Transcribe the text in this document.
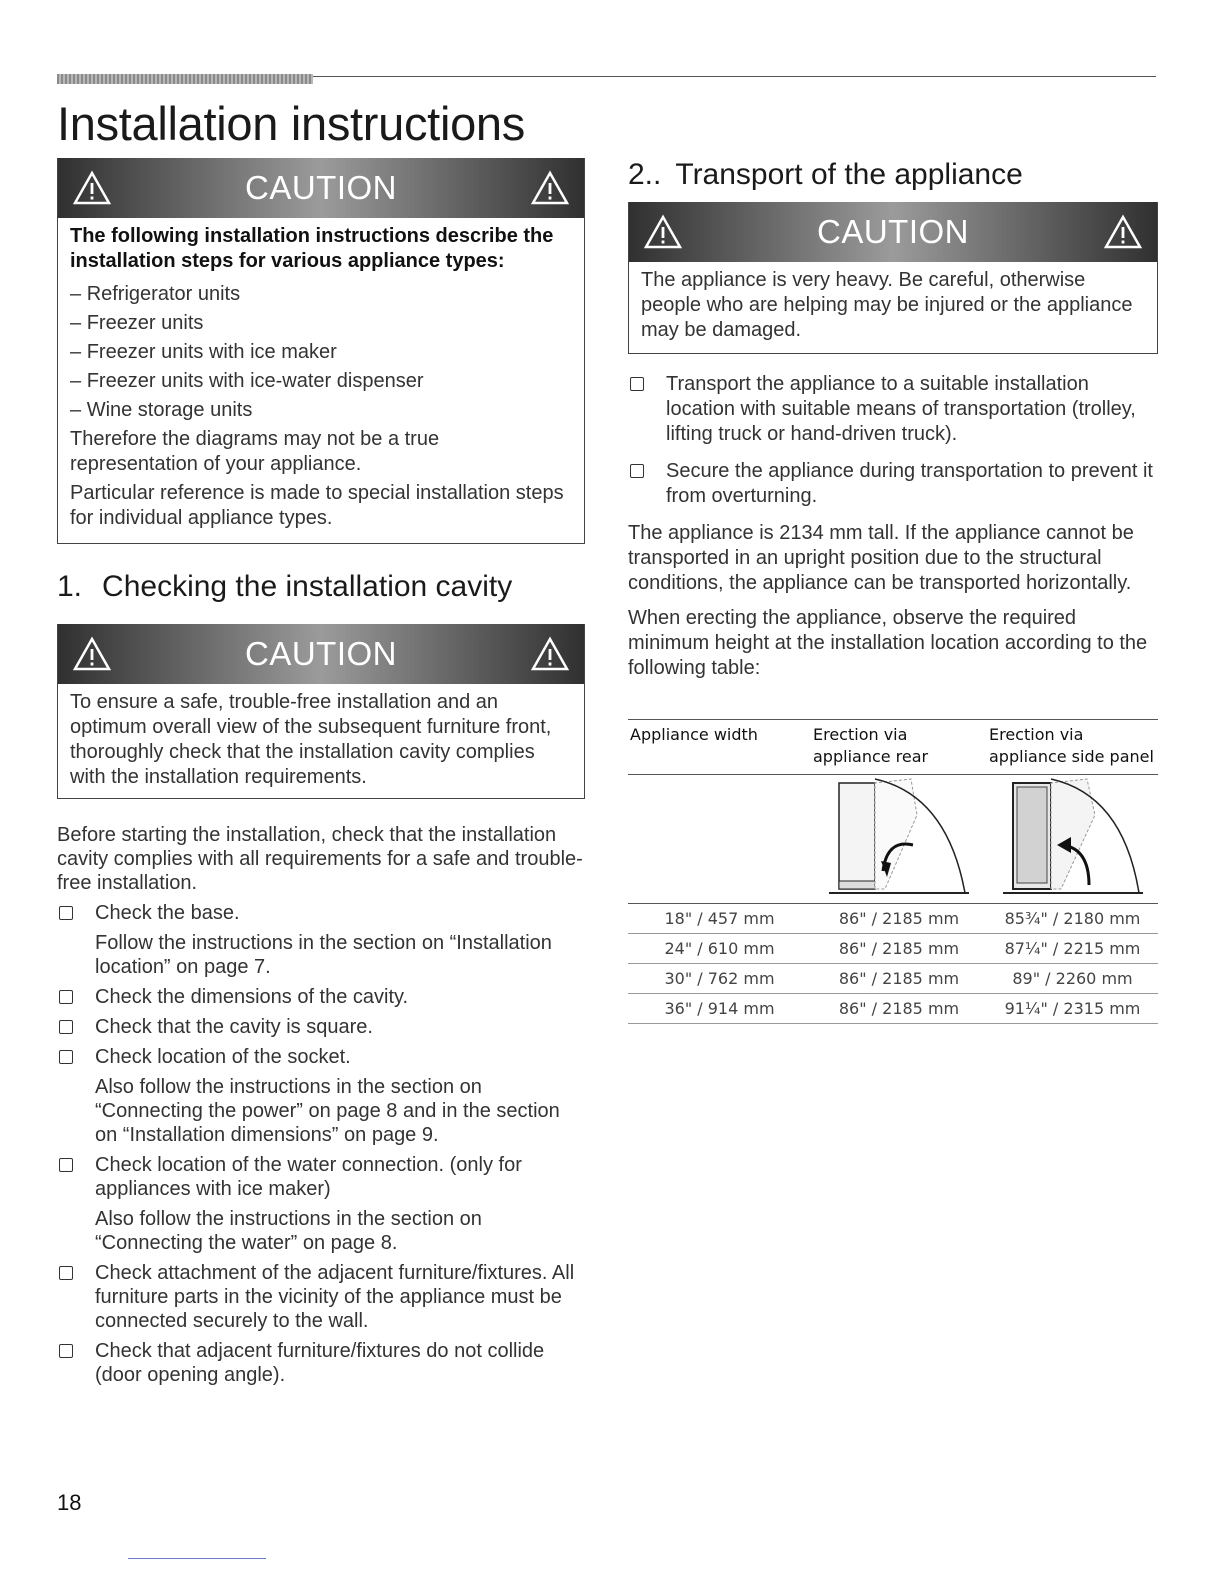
Installation instructions
CAUTION

The following installation instructions describe the installation steps for various appliance types:

– Refrigerator units
– Freezer units
– Freezer units with ice maker
– Freezer units with ice-water dispenser
– Wine storage units

Therefore the diagrams may not be a true representation of your appliance.

Particular reference is made to special installation steps for individual appliance types.

1. Checking the installation cavity
CAUTION

To ensure a safe, trouble-free installation and an optimum overall view of the subsequent furniture front, thoroughly check that the installation cavity complies with the installation requirements.

Before starting the installation, check that the installation cavity complies with all requirements for a safe and trouble-free installation.

Check the base.
Follow the instructions in the section on “Installation location” on page 7.
Check the dimensions of the cavity.
Check that the cavity is square.
Check location of the socket.
Also follow the instructions in the section on “Connecting the power” on page 8 and in the section on “Installation dimensions” on page 9.
Check location of the water connection. (only for appliances with ice maker)
Also follow the instructions in the section on “Connecting the water” on page 8.
Check attachment of the adjacent furniture/fixtures. All furniture parts in the vicinity of the appliance must be connected securely to the wall.
Check that adjacent furniture/fixtures do not collide (door opening angle).
2.. Transport of the appliance
CAUTION

The appliance is very heavy. Be careful, otherwise people who are helping may be injured or the appliance may be damaged.

Transport the appliance to a suitable installation location with suitable means of transportation (trolley, lifting truck or hand-driven truck).
Secure the appliance during transportation to prevent it from overturning.

The appliance is 2134 mm tall. If the appliance cannot be transported in an upright position due to the structural conditions, the appliance can be transported horizontally.

When erecting the appliance, observe the required minimum height at the installation location according to the following table:

Appliance width	Erection via appliance rear	Erection via appliance side panel

18" / 457 mm	86" / 2185 mm	85¾" / 2180 mm
24" / 610 mm	86" / 2185 mm	87¼" / 2215 mm
30" / 762 mm	86" / 2185 mm	89" / 2260 mm
36" / 914 mm	86" / 2185 mm	91¼" / 2315 mm
18
